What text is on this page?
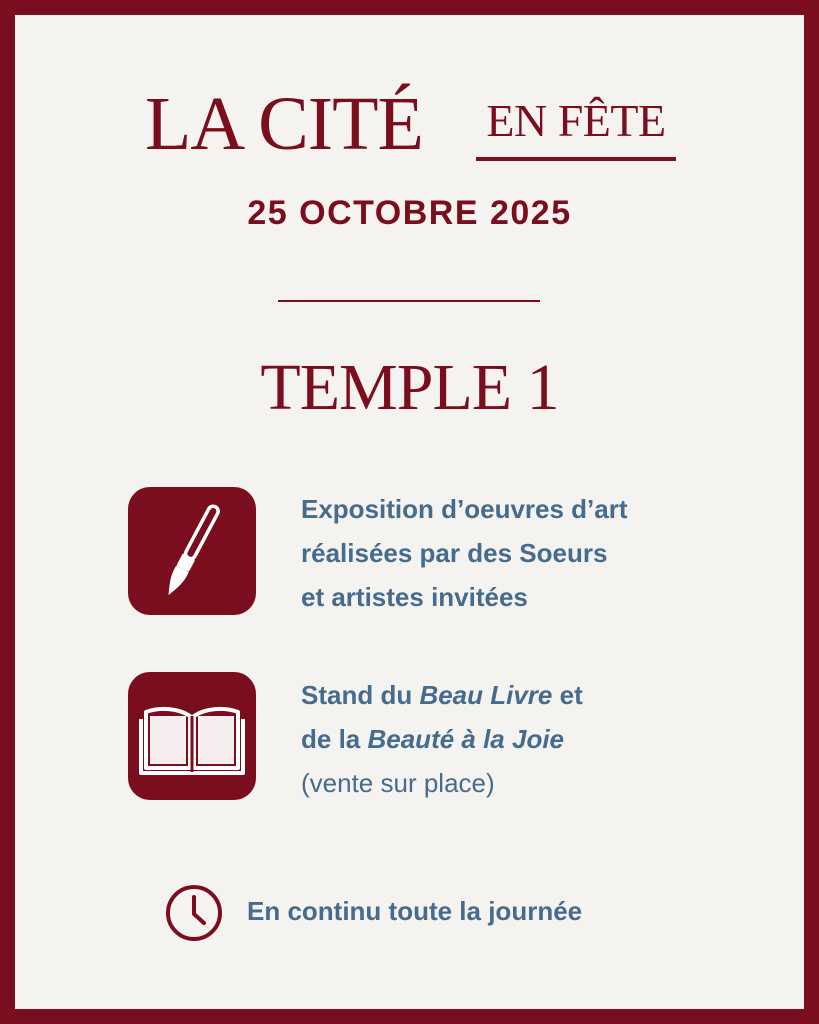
LA CITÉ EN FÊTE
25 OCTOBRE 2025
TEMPLE 1
Exposition d’oeuvres d’art
réalisées par des Soeurs
et artistes invitées
Stand du Beau Livre et
de la Beauté à la Joie
(vente sur place)
En continu toute la journée
